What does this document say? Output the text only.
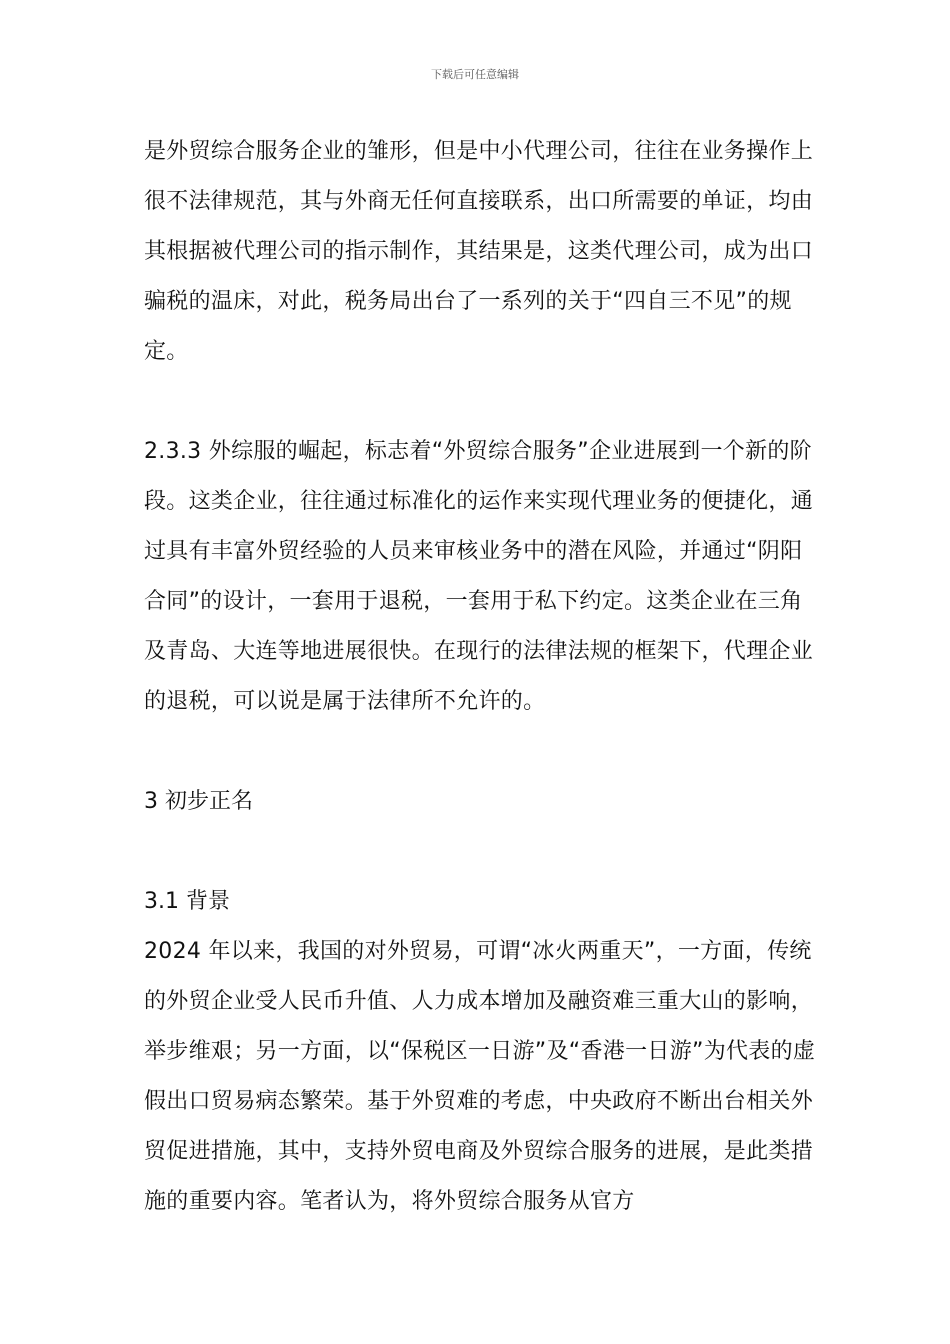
下载后可任意编辑

是外贸综合服务企业的雏形，但是中小代理公司，往往在业务操作上很不法律规范，其与外商无任何直接联系，出口所需要的单证，均由其根据被代理公司的指示制作，其结果是，这类代理公司，成为出口骗税的温床，对此，税务局出台了一系列的关于“四自三不见”的规定。

2.3.3 外综服的崛起，标志着“外贸综合服务”企业进展到一个新的阶段。这类企业，往往通过标准化的运作来实现代理业务的便捷化，通过具有丰富外贸经验的人员来审核业务中的潜在风险，并通过“阴阳合同”的设计，一套用于退税，一套用于私下约定。这类企业在三角及青岛、大连等地进展很快。在现行的法律法规的框架下，代理企业的退税，可以说是属于法律所不允许的。

3 初步正名

3.1 背景

2024 年以来，我国的对外贸易，可谓“冰火两重天”，一方面，传统的外贸企业受人民币升值、人力成本增加及融资难三重大山的影响，举步维艰；另一方面，以“保税区一日游”及“香港一日游”为代表的虚假出口贸易病态繁荣。基于外贸难的考虑，中央政府不断出台相关外贸促进措施，其中，支持外贸电商及外贸综合服务的进展，是此类措施的重要内容。笔者认为，将外贸综合服务从官方
